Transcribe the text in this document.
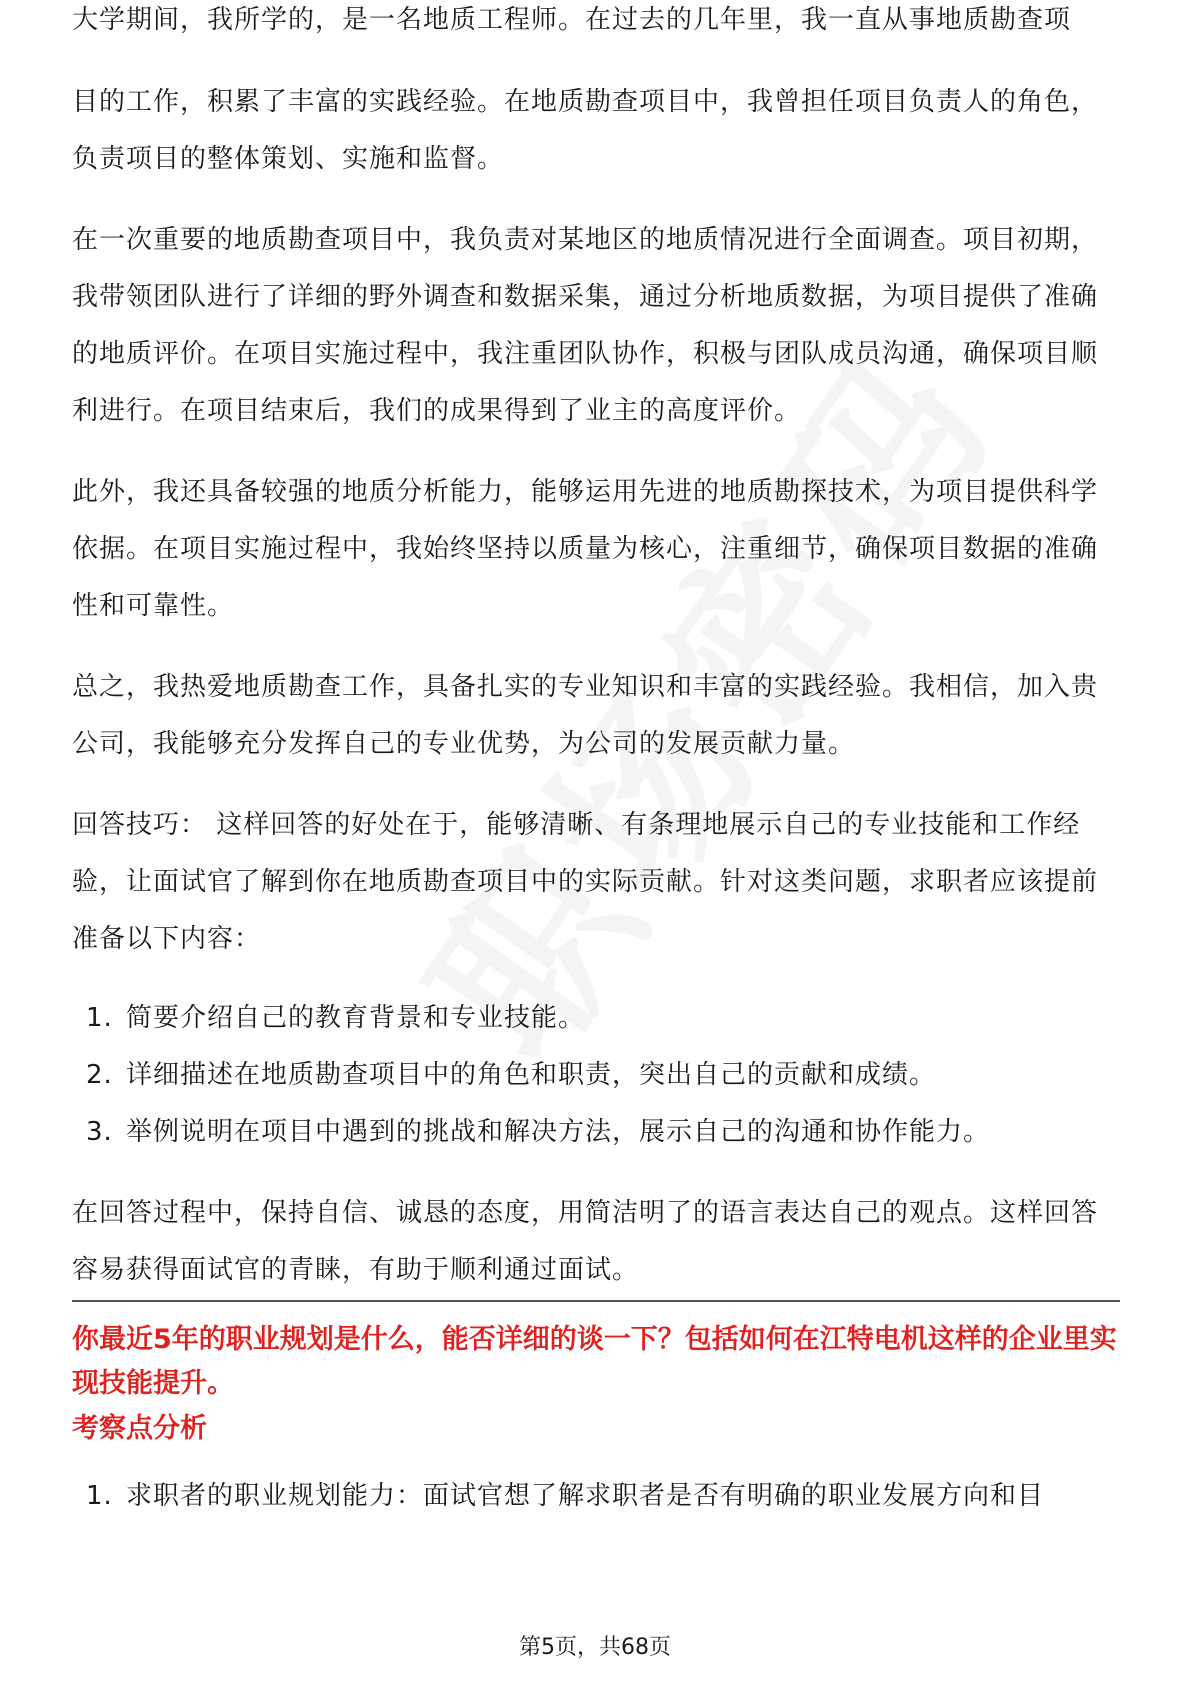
大学期间，我所学的，是一名地质工程师。在过去的几年里，我一直从事地质勘查项

目的工作，积累了丰富的实践经验。在地质勘查项目中，我曾担任项目负责人的角色，负责项目的整体策划、实施和监督。

在一次重要的地质勘查项目中，我负责对某地区的地质情况进行全面调查。项目初期，我带领团队进行了详细的野外调查和数据采集，通过分析地质数据，为项目提供了准确的地质评价。在项目实施过程中，我注重团队协作，积极与团队成员沟通，确保项目顺利进行。在项目结束后，我们的成果得到了业主的高度评价。

此外，我还具备较强的地质分析能力，能够运用先进的地质勘探技术，为项目提供科学依据。在项目实施过程中，我始终坚持以质量为核心，注重细节，确保项目数据的准确性和可靠性。

总之，我热爱地质勘查工作，具备扎实的专业知识和丰富的实践经验。我相信，加入贵公司，我能够充分发挥自己的专业优势，为公司的发展贡献力量。

回答技巧： 这样回答的好处在于，能够清晰、有条理地展示自己的专业技能和工作经验，让面试官了解到你在地质勘查项目中的实际贡献。针对这类问题，求职者应该提前准备以下内容：

1. 简要介绍自己的教育背景和专业技能。
2. 详细描述在地质勘查项目中的角色和职责，突出自己的贡献和成绩。
3. 举例说明在项目中遇到的挑战和解决方法，展示自己的沟通和协作能力。

在回答过程中，保持自信、诚恳的态度，用简洁明了的语言表达自己的观点。这样回答容易获得面试官的青睐，有助于顺利通过面试。

你最近5年的职业规划是什么，能否详细的谈一下？包括如何在江特电机这样的企业里实现技能提升。

考察点分析

1. 求职者的职业规划能力：面试官想了解求职者是否有明确的职业发展方向和目
第5页，共68页
